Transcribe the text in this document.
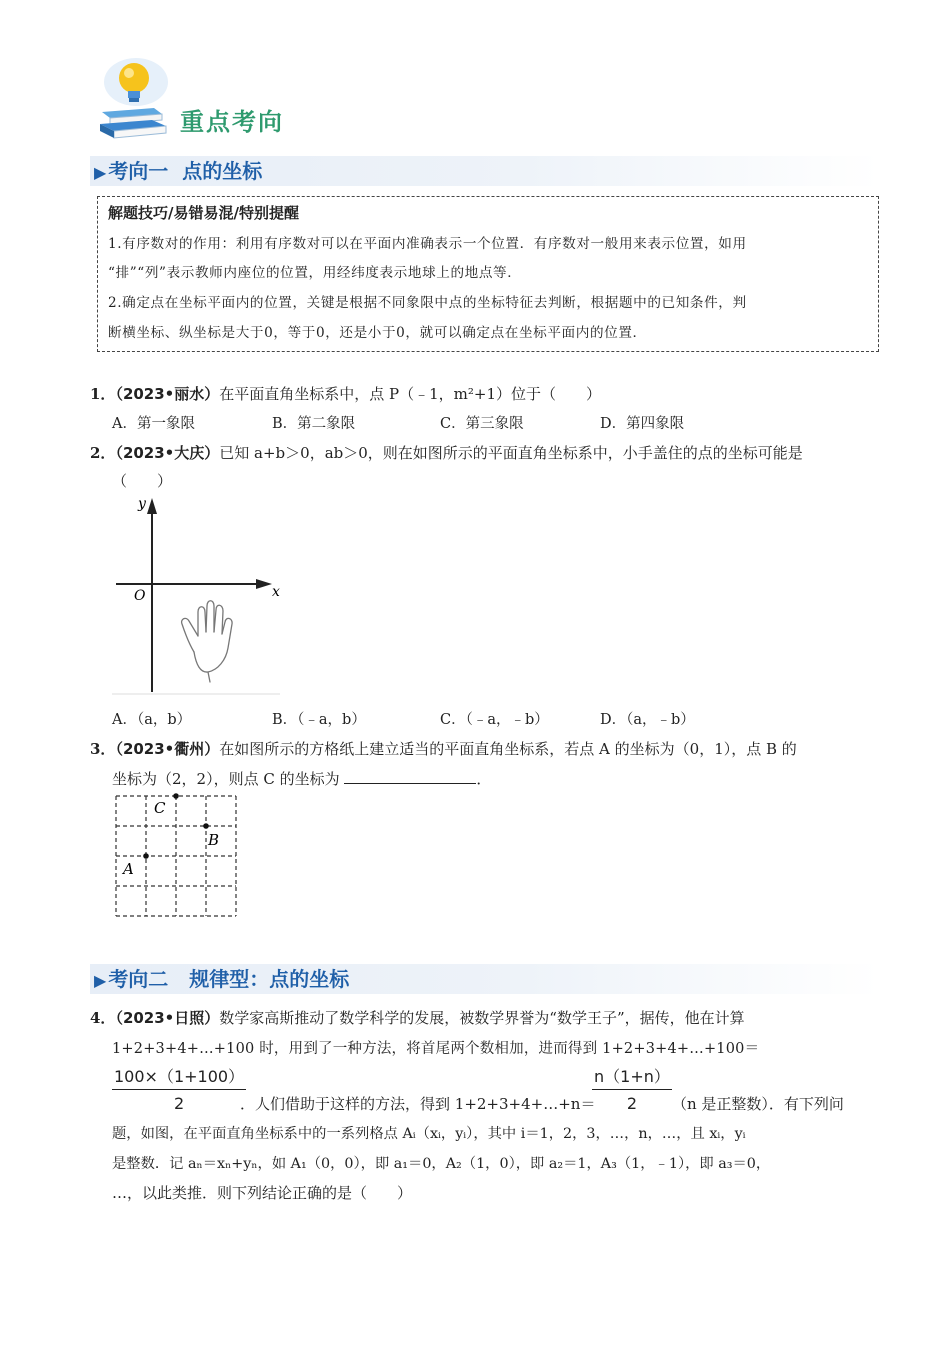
重点考向
▶ 考向一  点的坐标
解题技巧/易错易混/特别提醒
1.有序数对的作用：利用有序数对可以在平面内准确表示一个位置．有序数对一般用来表示位置，如用
“排”“列”表示教师内座位的位置，用经纬度表示地球上的地点等．
2.确定点在坐标平面内的位置，关键是根据不同象限中点的坐标特征去判断，根据题中的已知条件，判
断横坐标、纵坐标是大于0，等于0，还是小于0，就可以确定点在坐标平面内的位置．
1．（2023•丽水）在平面直角坐标系中，点 P（﹣1，m²+1）位于（　　）
A．第一象限	B．第二象限	C．第三象限	D．第四象限
2．（2023•大庆）已知 a+b＞0，ab＞0，则在如图所示的平面直角坐标系中，小手盖住的点的坐标可能是
（　　）
y
x
O
A．（a，b）	B．（﹣a，b）	C．（﹣a，﹣b）	D．（a，﹣b）
3．（2023•衢州）在如图所示的方格纸上建立适当的平面直角坐标系，若点 A 的坐标为（0，1），点 B 的
坐标为（2，2），则点 C 的坐标为	．
C
B
A
▶ 考向二   规律型：点的坐标
4．（2023•日照）数学家高斯推动了数学科学的发展，被数学界誉为“数学王子”，据传，他在计算
1+2+3+4+…+100 时，用到了一种方法，将首尾两个数相加，进而得到 1+2+3+4+…+100＝
$\frac{100\times(1+100)}{2}$
．人们借助于这样的方法，得到 1+2+3+4+…+n＝
$\frac{n(1+n)}{2} (n$ 是正整数）．有下列问
题，如图，在平面直角坐标系中的一系列格点 Aᵢ（xᵢ，yᵢ），其中 i＝1，2，3，…，n，…，且 xᵢ，yᵢ
是整数．记 aₙ＝xₙ+yₙ，如 A₁（0，0），即 a₁＝0，A₂（1，0），即 a₂＝1，A₃（1，﹣1），即 a₃＝0，
…，以此类推．则下列结论正确的是（　　）
